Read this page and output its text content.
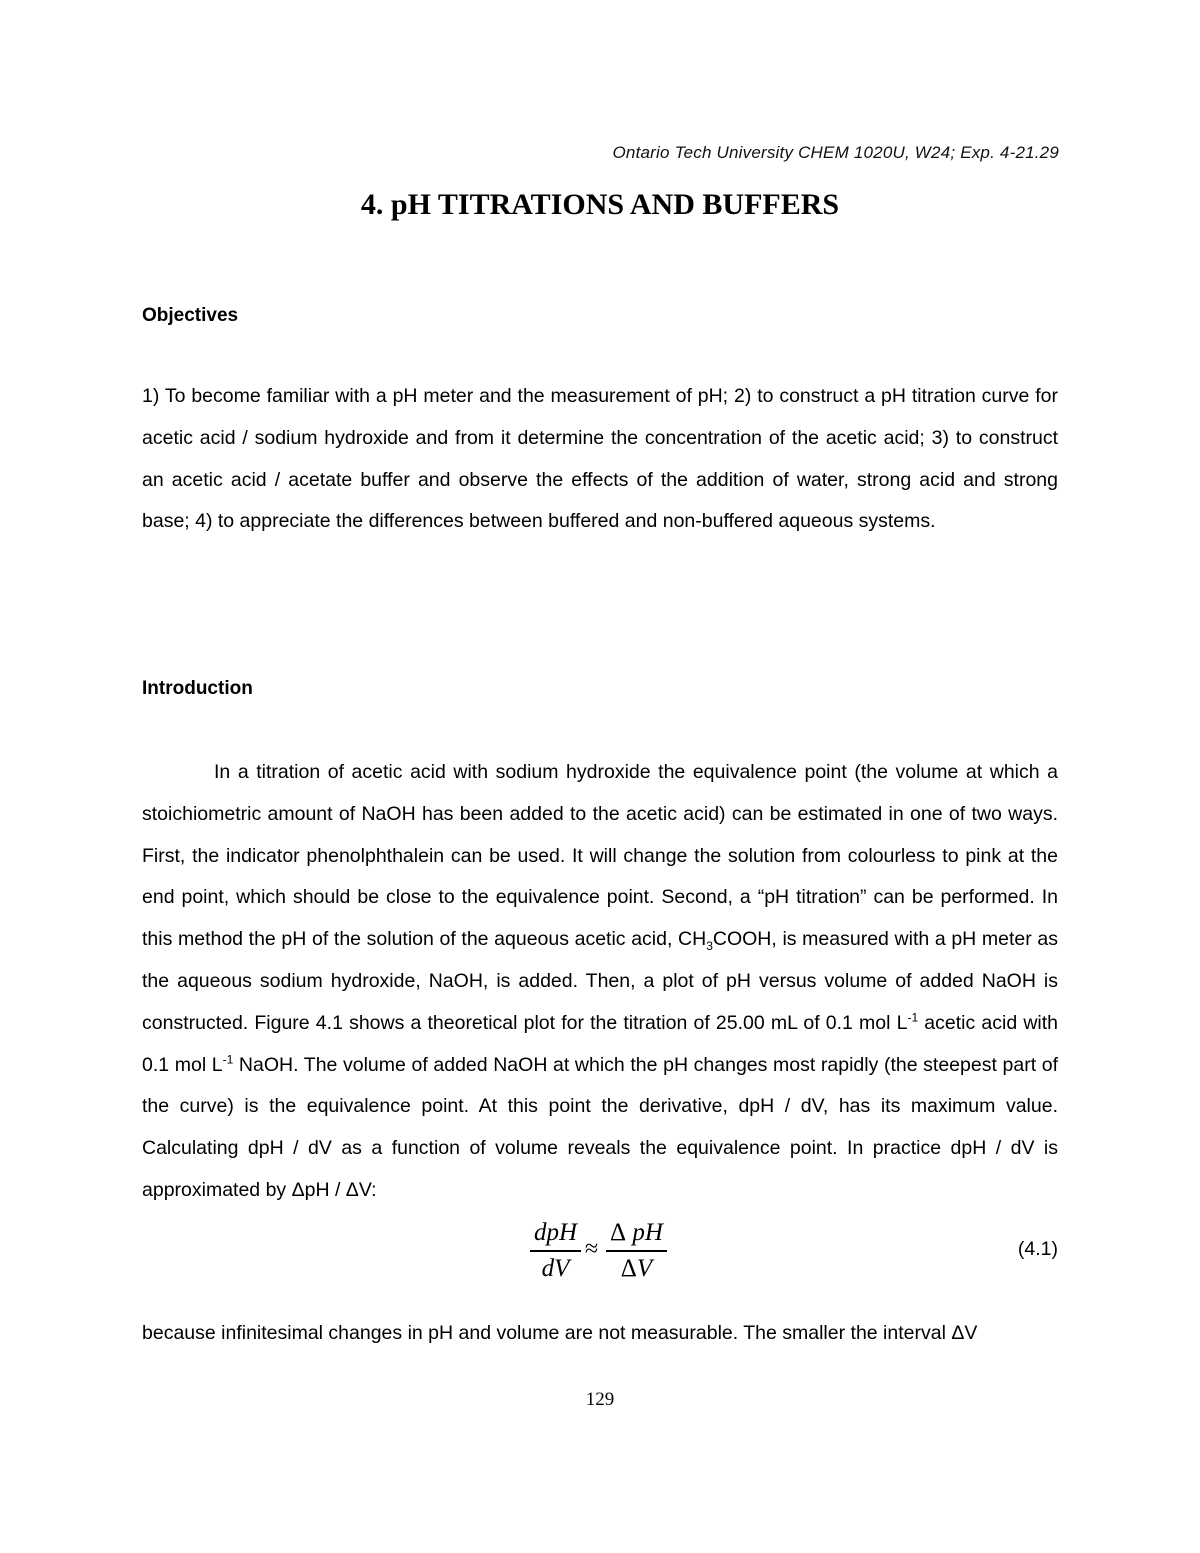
Ontario Tech University CHEM 1020U, W24; Exp. 4-21.29
4. pH TITRATIONS AND BUFFERS
Objectives

1) To become familiar with a pH meter and the measurement of pH; 2) to construct a pH titration curve for acetic acid / sodium hydroxide and from it determine the concentration of the acetic acid; 3) to construct an acetic acid / acetate buffer and observe the effects of the addition of water, strong acid and strong base; 4) to appreciate the differences between buffered and non-buffered aqueous systems.

Introduction

In a titration of acetic acid with sodium hydroxide the equivalence point (the volume at which a stoichiometric amount of NaOH has been added to the acetic acid) can be estimated in one of two ways. First, the indicator phenolphthalein can be used. It will change the solution from colourless to pink at the end point, which should be close to the equivalence point. Second, a “pH titration” can be performed. In this method the pH of the solution of the aqueous acetic acid, $CH_3COOH$, is measured with a pH meter as the aqueous sodium hydroxide, NaOH, is added. Then, a plot of pH versus volume of added NaOH is constructed. Figure 4.1 shows a theoretical plot for the titration of 25.00 mL of 0.1 mol $L^{-1}$ acetic acid with 0.1 mol $L^{-1}$ NaOH. The volume of added NaOH at which the pH changes most rapidly (the steepest part of the curve) is the equivalence point. At this point the derivative, dpH / dV, has its maximum value. Calculating dpH / dV as a function of volume reveals the equivalence point. In practice dpH / dV is approximated by ΔpH / ΔV:

dpH
dV
≈
Δ pH
ΔV
(4.1)

because infinitesimal changes in pH and volume are not measurable. The smaller the interval ΔV

129
